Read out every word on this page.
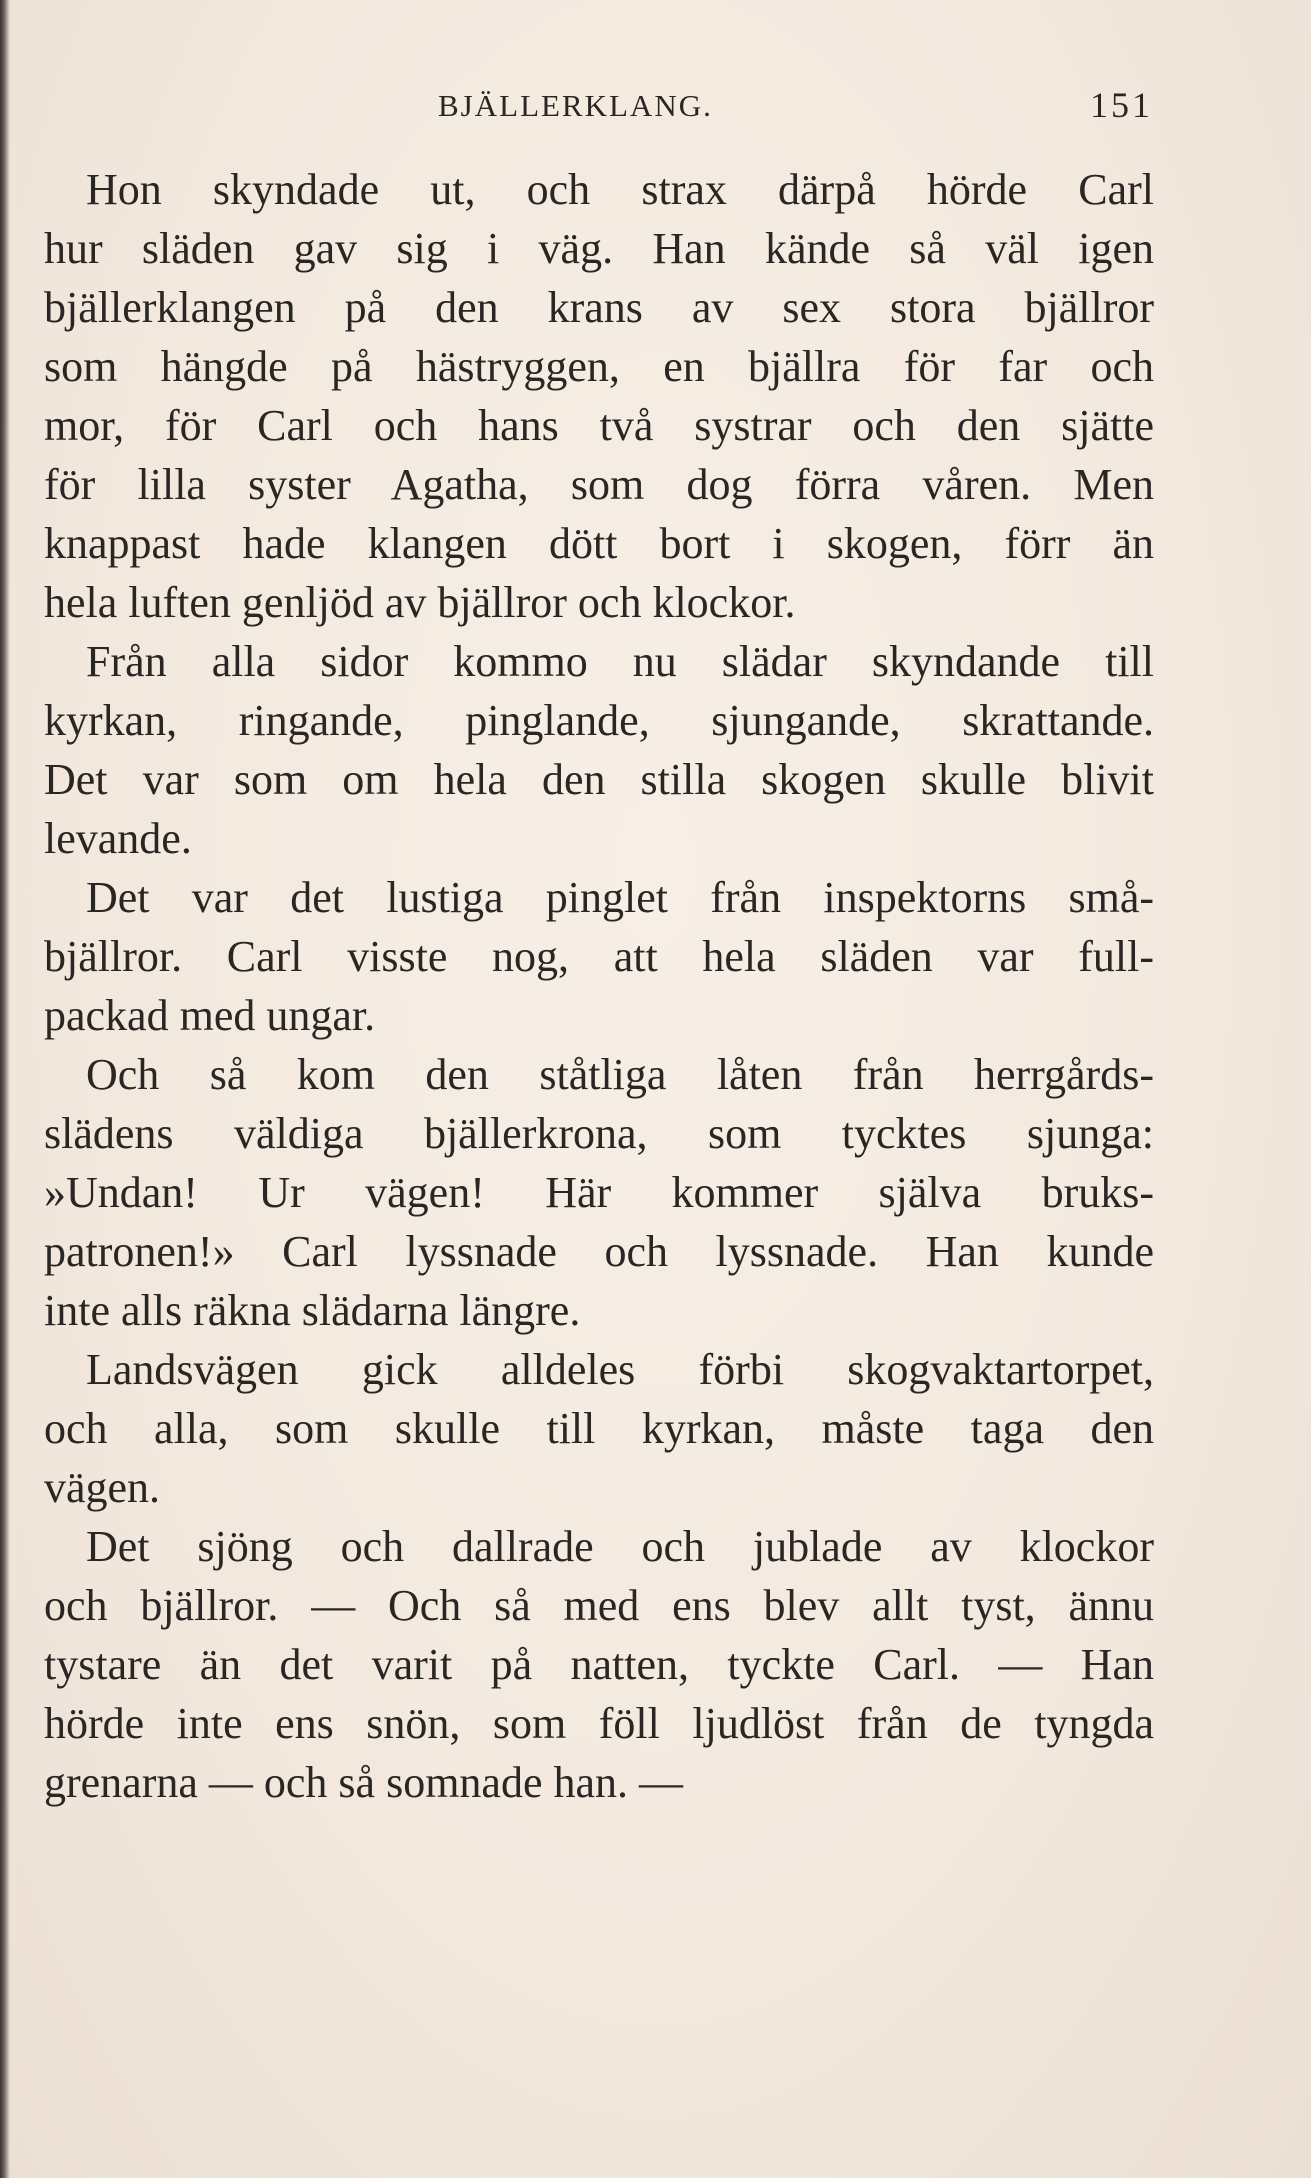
BJÄLLERKLANG.	151
Hon skyndade ut, och strax därpå hörde Carl
hur släden gav sig i väg. Han kände så väl igen
bjällerklangen på den krans av sex stora bjällror
som hängde på hästryggen, en bjällra för far och
mor, för Carl och hans två systrar och den sjätte
för lilla syster Agatha, som dog förra våren. Men
knappast hade klangen dött bort i skogen, förr än
hela luften genljöd av bjällror och klockor.
Från alla sidor kommo nu slädar skyndande till
kyrkan, ringande, pinglande, sjungande, skrattande.
Det var som om hela den stilla skogen skulle blivit
levande.
Det var det lustiga pinglet från inspektorns små-
bjällror. Carl visste nog, att hela släden var full-
packad med ungar.
Och så kom den ståtliga låten från herrgårds-
slädens väldiga bjällerkrona, som tycktes sjunga:
»Undan! Ur vägen! Här kommer själva bruks-
patronen!» Carl lyssnade och lyssnade. Han kunde
inte alls räkna slädarna längre.
Landsvägen gick alldeles förbi skogvaktartorpet,
och alla, som skulle till kyrkan, måste taga den
vägen.
Det sjöng och dallrade och jublade av klockor
och bjällror. — Och så med ens blev allt tyst, ännu
tystare än det varit på natten, tyckte Carl. — Han
hörde inte ens snön, som föll ljudlöst från de tyngda
grenarna — och så somnade han. —
